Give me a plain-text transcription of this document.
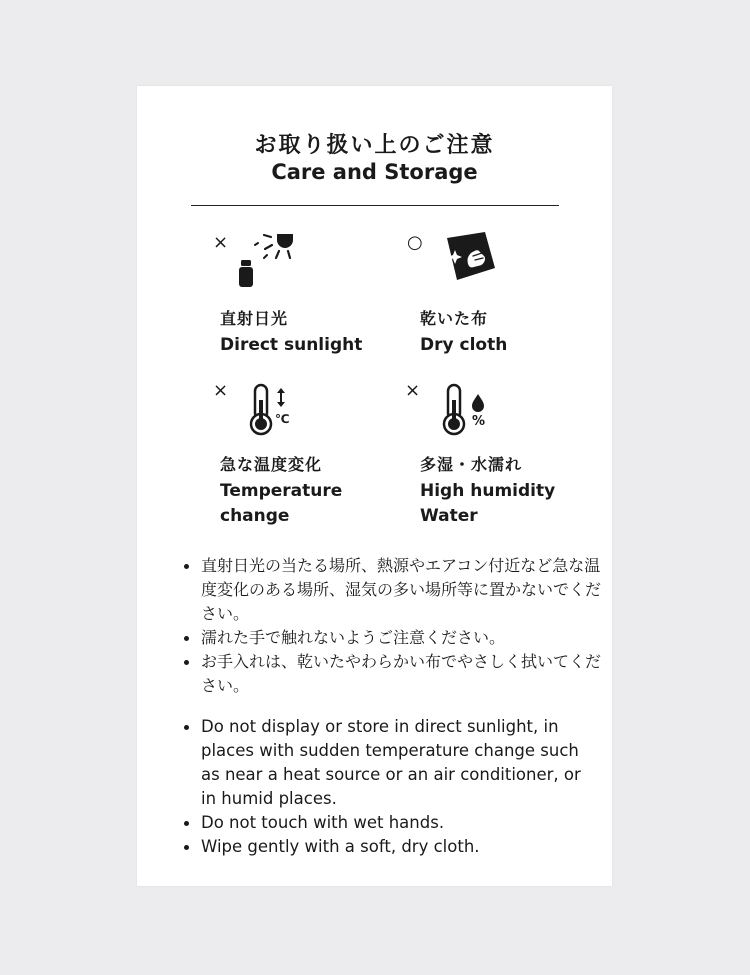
お取り扱い上のご注意
Care and Storage
×
直射日光
Direct sunlight
○
乾いた布
Dry cloth
×
℃
急な温度変化
Temperature
change
×
%
多湿・水濡れ
High humidity
Water
直射日光の当たる場所、熱源やエアコン付近など急な温度変化のある場所、湿気の多い場所等に置かないでください。
濡れた手で触れないようご注意ください。
お手入れは、乾いたやわらかい布でやさしく拭いてください。
Do not display or store in direct sunlight, in places with sudden temperature change such as near a heat source or an air conditioner, or in humid places.
Do not touch with wet hands.
Wipe gently with a soft, dry cloth.
